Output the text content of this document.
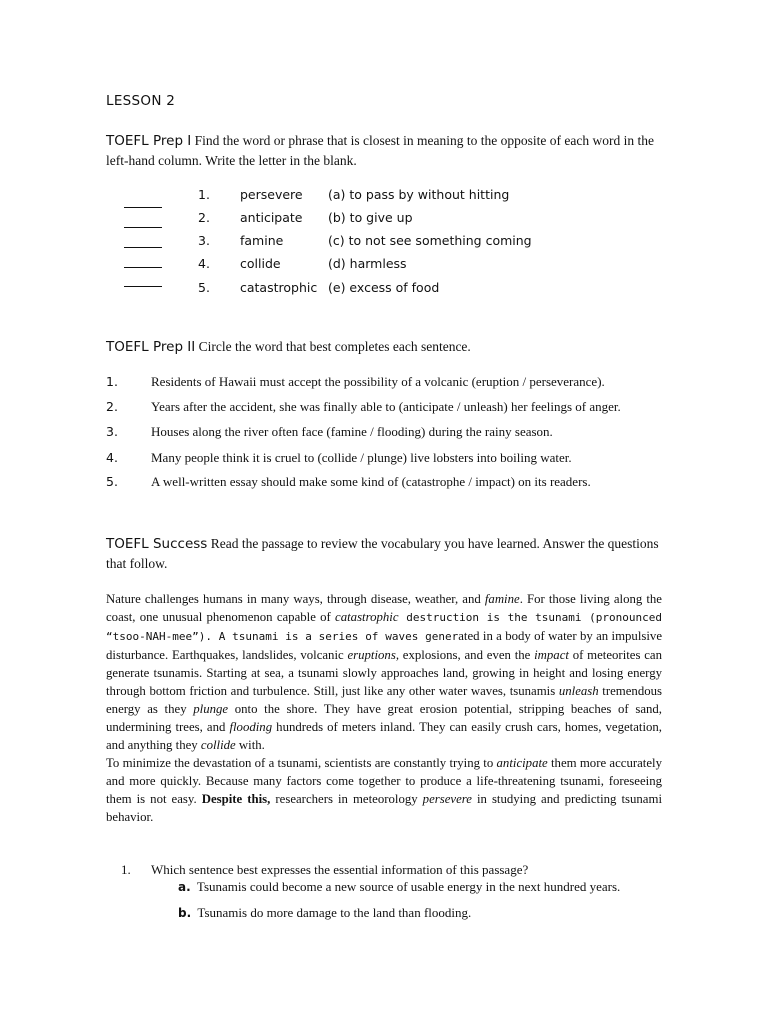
LESSON 2
TOEFL Prep I Find the word or phrase that is closest in meaning to the opposite of each word in the left-hand column. Write the letter in the blank.
1. persevere (a) to pass by without hitting
2. anticipate (b) to give up
3. famine	(c) to not see something coming
4. collide	(d) harmless
5. catastrophic (e) excess of food
TOEFL Prep II Circle the word that best completes each sentence.
1.	Residents of Hawaii must accept the possibility of a volcanic (eruption / perseverance).
2.	Years after the accident, she was finally able to (anticipate / unleash) her feelings of anger.
3.	Houses along the river often face (famine / flooding) during the rainy season.
4.	Many people think it is cruel to (collide / plunge) live lobsters into boiling water.
5.	A well-written essay should make some kind of (catastrophe / impact) on its readers.
TOEFL Success Read the passage to review the vocabulary you have learned. Answer the questions that follow.
Nature challenges humans in many ways, through disease, weather, and famine. For those living along the coast, one unusual phenomenon capable of catastrophic destruction is the tsunami (pronounced “tsoo-NAH-mee”). A tsunami is a series of waves generated in a body of water by an impulsive disturbance. Earthquakes, landslides, volcanic eruptions, explosions, and even the impact of meteorites can generate tsunamis. Starting at sea, a tsunami slowly approaches land, growing in height and losing energy through bottom friction and turbulence. Still, just like any other water waves, tsunamis unleash tremendous energy as they plunge onto the shore. They have great erosion potential, stripping beaches of sand, undermining trees, and flooding hundreds of meters inland. They can easily crush cars, homes, vegetation, and anything they collide with.
To minimize the devastation of a tsunami, scientists are constantly trying to anticipate them more accurately and more quickly. Because many factors come together to produce a life-threatening tsunami, foreseeing them is not easy. Despite this, researchers in meteorology persevere in studying and predicting tsunami behavior.
1. Which sentence best expresses the essential information of this passage?
a. Tsunamis could become a new source of usable energy in the next hundred years.
b. Tsunamis do more damage to the land than flooding.
